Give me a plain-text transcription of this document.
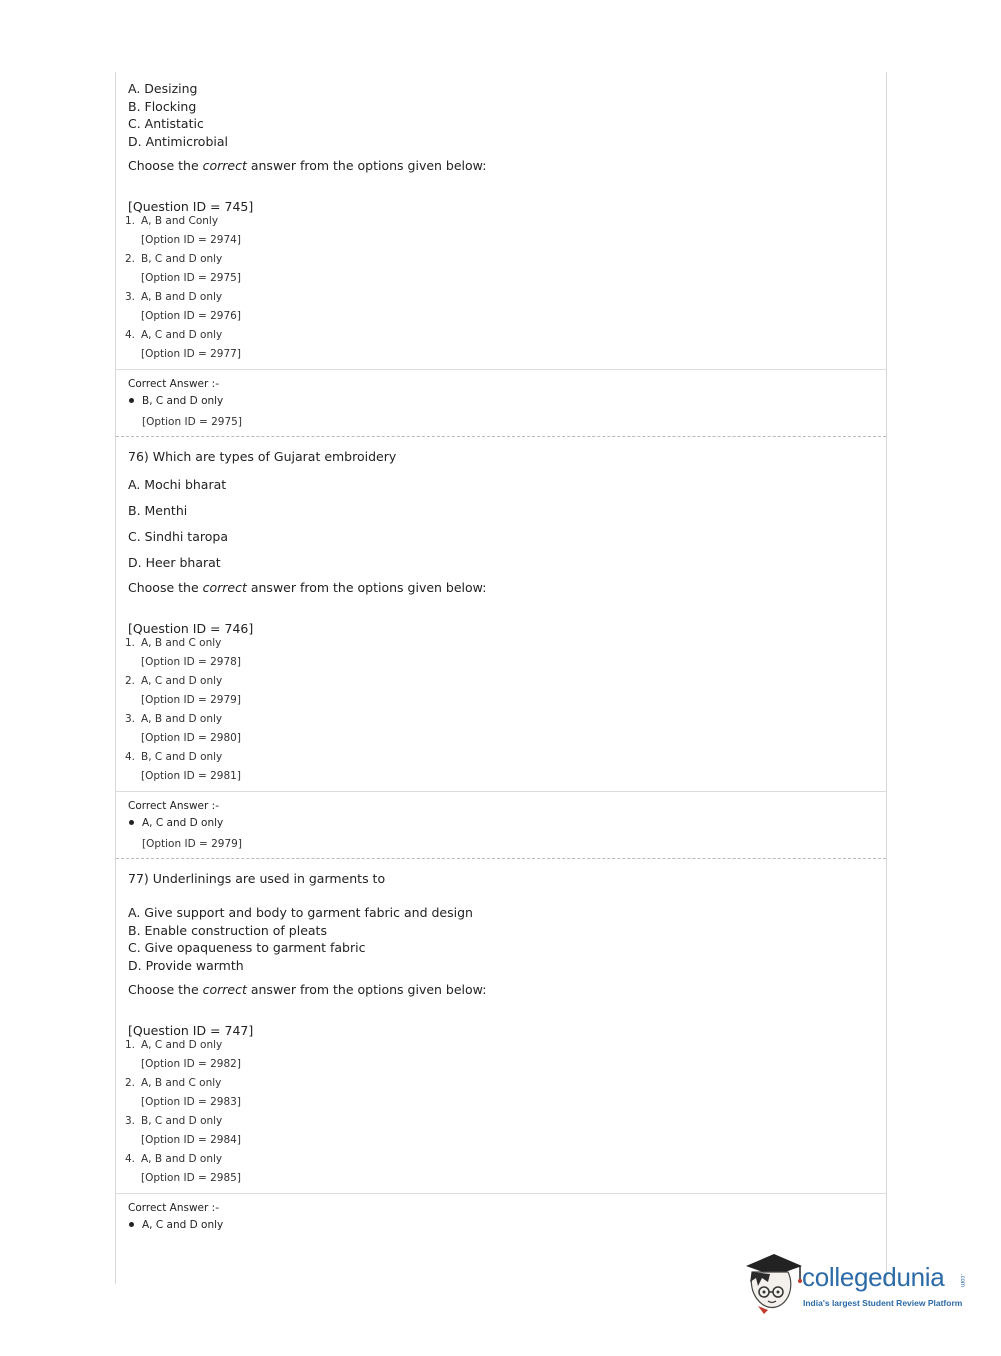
A. Desizing
B. Flocking
C. Antistatic
D. Antimicrobial
Choose the correct answer from the options given below:
[Question ID = 745]
1. A, B and Conly
[Option ID = 2974]
2. B, C and D only
[Option ID = 2975]
3. A, B and D only
[Option ID = 2976]
4. A, C and D only
[Option ID = 2977]
Correct Answer :-
B, C and D only
[Option ID = 2975]
76) Which are types of Gujarat embroidery
A. Mochi bharat
B. Menthi
C. Sindhi taropa
D. Heer bharat
Choose the correct answer from the options given below:
[Question ID = 746]
1. A, B and C only
[Option ID = 2978]
2. A, C and D only
[Option ID = 2979]
3. A, B and D only
[Option ID = 2980]
4. B, C and D only
[Option ID = 2981]
Correct Answer :-
A, C and D only
[Option ID = 2979]
77) Underlinings are used in garments to
A. Give support and body to garment fabric and design
B. Enable construction of pleats
C. Give opaqueness to garment fabric
D. Provide warmth
Choose the correct answer from the options given below:
[Question ID = 747]
1. A, C and D only
[Option ID = 2982]
2. A, B and C only
[Option ID = 2983]
3. B, C and D only
[Option ID = 2984]
4. A, B and D only
[Option ID = 2985]
Correct Answer :-
A, C and D only
collegedunia .com
India's largest Student Review Platform
